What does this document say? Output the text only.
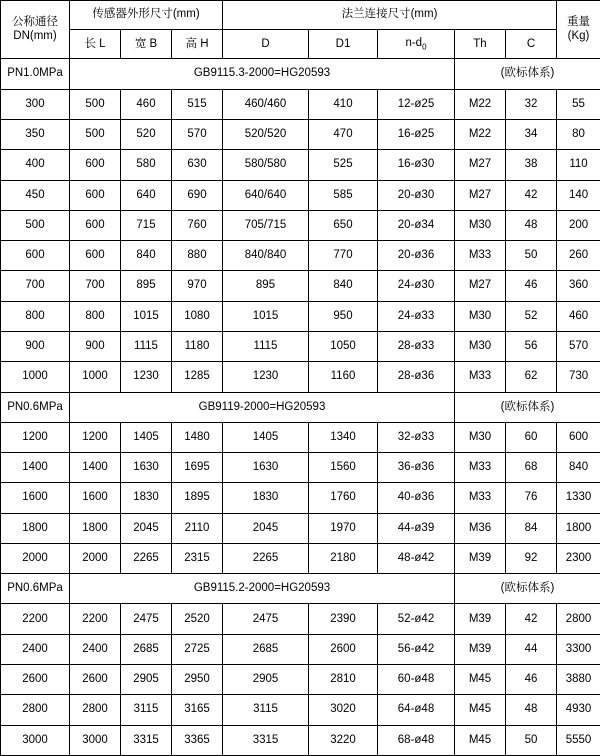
公称通径
DN(mm)	传感器外形尺寸(mm)			法兰连接尺寸(mm)					重量
(Kg)
	长 L	宽 B	高 H	D	D1	$n-d_0$	Th	C	
PN1.0MPa	GB9115.3-2000=HG20593						(欧标体系)		
300	500	460	515	460/460	410	12-ø25	M22	32	55
350	500	520	570	520/520	470	16-ø25	M22	34	80
400	600	580	630	580/580	525	16-ø30	M27	38	110
450	600	640	690	640/640	585	20-ø30	M27	42	140
500	600	715	760	705/715	650	20-ø34	M30	48	200
600	600	840	880	840/840	770	20-ø36	M33	50	260
700	700	895	970	895	840	24-ø30	M27	46	360
800	800	1015	1080	1015	950	24-ø33	M30	52	460
900	900	1115	1180	1115	1050	28-ø33	M30	56	570
1000	1000	1230	1285	1230	1160	28-ø36	M33	62	730
PN0.6MPa	GB9119-2000=HG20593						(欧标体系)		
1200	1200	1405	1480	1405	1340	32-ø33	M30	60	600
1400	1400	1630	1695	1630	1560	36-ø36	M33	68	840
1600	1600	1830	1895	1830	1760	40-ø36	M33	76	1330
1800	1800	2045	2110	2045	1970	44-ø39	M36	84	1800
2000	2000	2265	2315	2265	2180	48-ø42	M39	92	2300
PN0.6MPa	GB9115.2-2000=HG20593						(欧标体系)		
2200	2200	2475	2520	2475	2390	52-ø42	M39	42	2800
2400	2400	2685	2725	2685	2600	56-ø42	M39	44	3300
2600	2600	2905	2950	2905	2810	60-ø48	M45	46	3880
2800	2800	3115	3165	3115	3020	64-ø48	M45	48	4930
3000	3000	3315	3365	3315	3220	68-ø48	M45	50	5550
